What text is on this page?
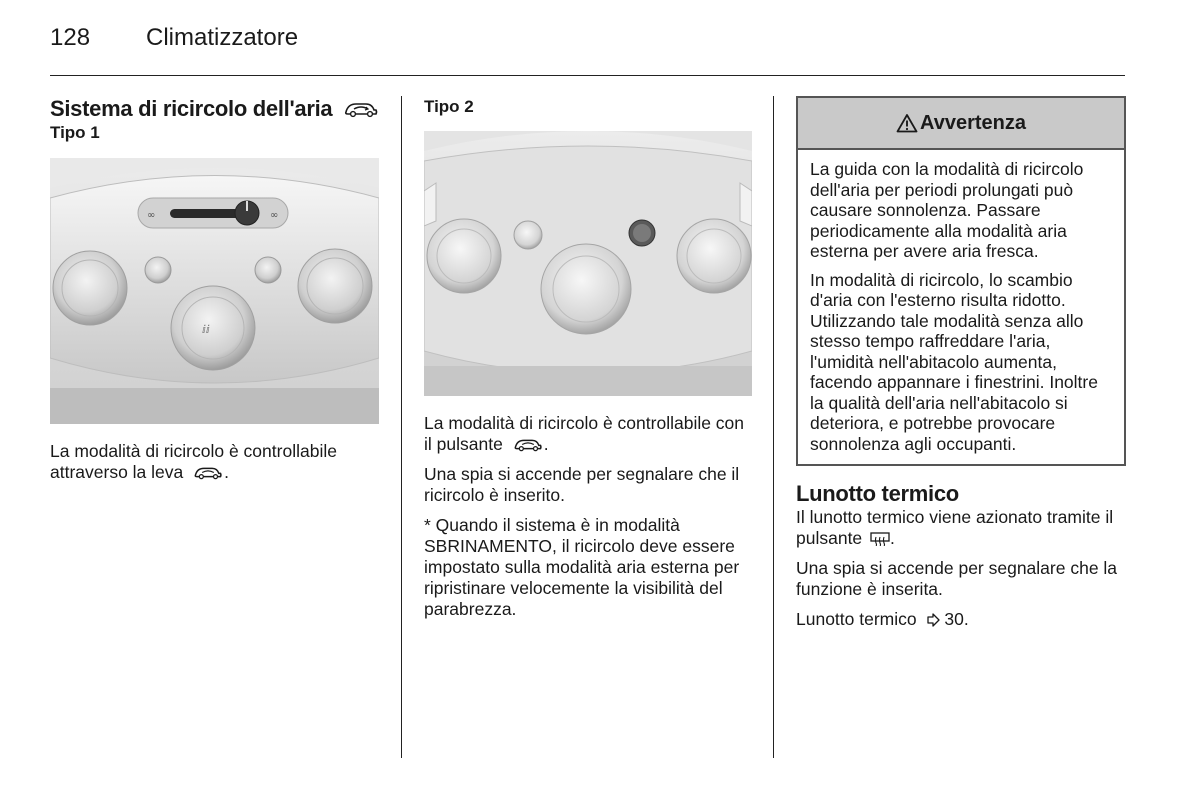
128 Climatizzatore
Sistema di ricircolo dell'aria
Tipo 1
∞	∞
ⅈⅈ

La modalità di ricircolo è controllabile attraverso la leva .

Tipo 2

La modalità di ricircolo è controllabile con il pulsante .

Una spia si accende per segnalare che il ricircolo è inserito.

* Quando il sistema è in modalità SBRINAMENTO, il ricircolo deve essere impostato sulla modalità aria esterna per ripristinare velocemente la visibilità del parabrezza.

Avvertenza

La guida con la modalità di ricircolo dell'aria per periodi prolungati può causare sonnolenza. Passare periodicamente alla modalità aria esterna per avere aria fresca.

In modalità di ricircolo, lo scambio d'aria con l'esterno risulta ridotto. Utilizzando tale modalità senza allo stesso tempo raffreddare l'aria, l'umidità nell'abitacolo aumenta, facendo appannare i finestrini. Inoltre la qualità dell'aria nell'abitacolo si deteriora, e potrebbe provocare sonnolenza agli occupanti.

Lunotto termico

Il lunotto termico viene azionato tramite il pulsante .

Una spia si accende per segnalare che la funzione è inserita.

Lunotto termico 30.
